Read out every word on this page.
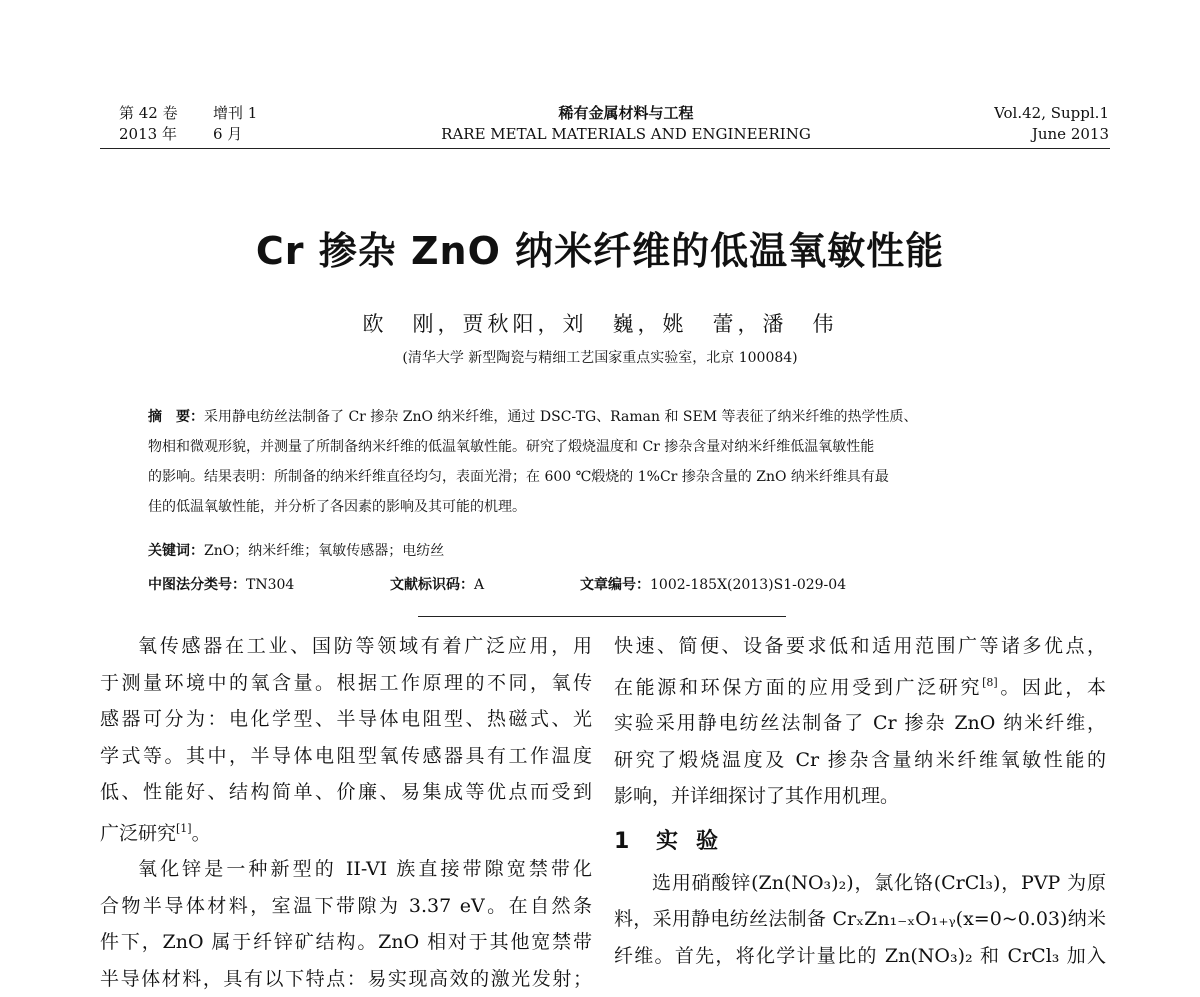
第 42 卷 增刊 1
2013 年 6 月
稀有金属材料与工程
RARE METAL MATERIALS AND ENGINEERING
Vol.42, Suppl.1
June 2013
Cr 掺杂 ZnO 纳米纤维的低温氧敏性能
欧　刚，贾秋阳，刘　巍，姚　蕾，潘　伟
(清华大学 新型陶瓷与精细工艺国家重点实验室，北京 100084)
摘　要：采用静电纺丝法制备了 Cr 掺杂 ZnO 纳米纤维，通过 DSC-TG、Raman 和 SEM 等表征了纳米纤维的热学性质、
物相和微观形貌，并测量了所制备纳米纤维的低温氧敏性能。研究了煅烧温度和 Cr 掺杂含量对纳米纤维低温氧敏性能
的影响。结果表明：所制备的纳米纤维直径均匀，表面光滑；在 600 ℃煅烧的 1%Cr 掺杂含量的 ZnO 纳米纤维具有最
佳的低温氧敏性能，并分析了各因素的影响及其可能的机理。
关键词：ZnO；纳米纤维；氧敏传感器；电纺丝
中图法分类号：TN304	文献标识码：A	文章编号：1002-185X(2013)S1-029-04
氧传感器在工业、国防等领域有着广泛应用，用
于测量环境中的氧含量。根据工作原理的不同，氧传
感器可分为：电化学型、半导体电阻型、热磁式、光
学式等。其中，半导体电阻型氧传感器具有工作温度
低、性能好、结构简单、价廉、易集成等优点而受到
广泛研究[1]。
氧化锌是一种新型的 II-VI 族直接带隙宽禁带化
合物半导体材料，室温下带隙为 3.37 eV。在自然条
件下，ZnO 属于纤锌矿结构。ZnO 相对于其他宽禁带
半导体材料，具有以下特点：易实现高效的激光发射；
快速、简便、设备要求低和适用范围广等诸多优点，
在能源和环保方面的应用受到广泛研究[8]。因此，本
实验采用静电纺丝法制备了 Cr 掺杂 ZnO 纳米纤维，
研究了煅烧温度及 Cr 掺杂含量纳米纤维氧敏性能的
影响，并详细探讨了其作用机理。
1 实验
选用硝酸锌(Zn(NO₃)₂)，氯化铬(CrCl₃)，PVP 为原
料，采用静电纺丝法制备 CrₓZn₁₋ₓO₁₊ᵧ(x=0~0.03)纳米
纤维。首先，将化学计量比的 Zn(NO₃)₂ 和 CrCl₃ 加入
